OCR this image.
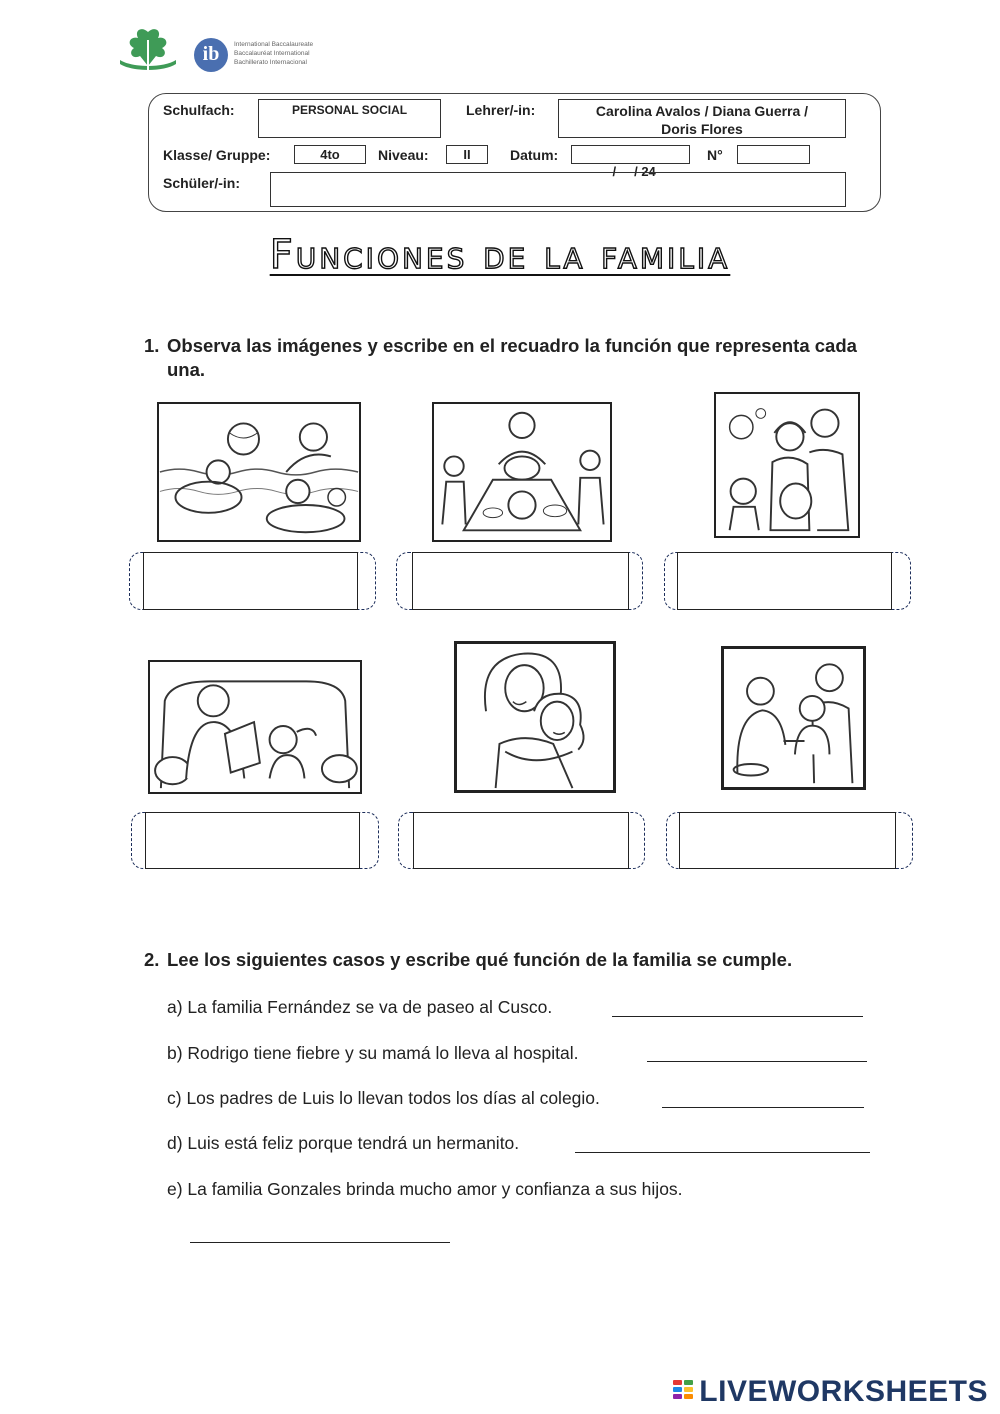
ib	International Baccalaureate
Baccalauréat International
Bachillerato Internacional
Schulfach:	PERSONAL SOCIAL	Lehrer/-in:	Carolina Avalos / Diana Guerra /
Doris Flores
Klasse/ Gruppe:	4to	Niveau:	II	Datum:

/     / 24

N°
Schüler/-in:
Funciones de la familia
1. Observa las imágenes y escribe en el recuadro la función que representa cada
una.
2. Lee los siguientes casos y escribe qué función de la familia se cumple.
a) La familia Fernández se va de paseo al Cusco.
b) Rodrigo tiene fiebre y su mamá lo lleva al hospital.
c) Los padres de Luis lo llevan todos los días al colegio.
d) Luis está feliz porque tendrá un hermanito.
e) La familia Gonzales brinda mucho amor y confianza a sus hijos.
LIVEWORKSHEETS
